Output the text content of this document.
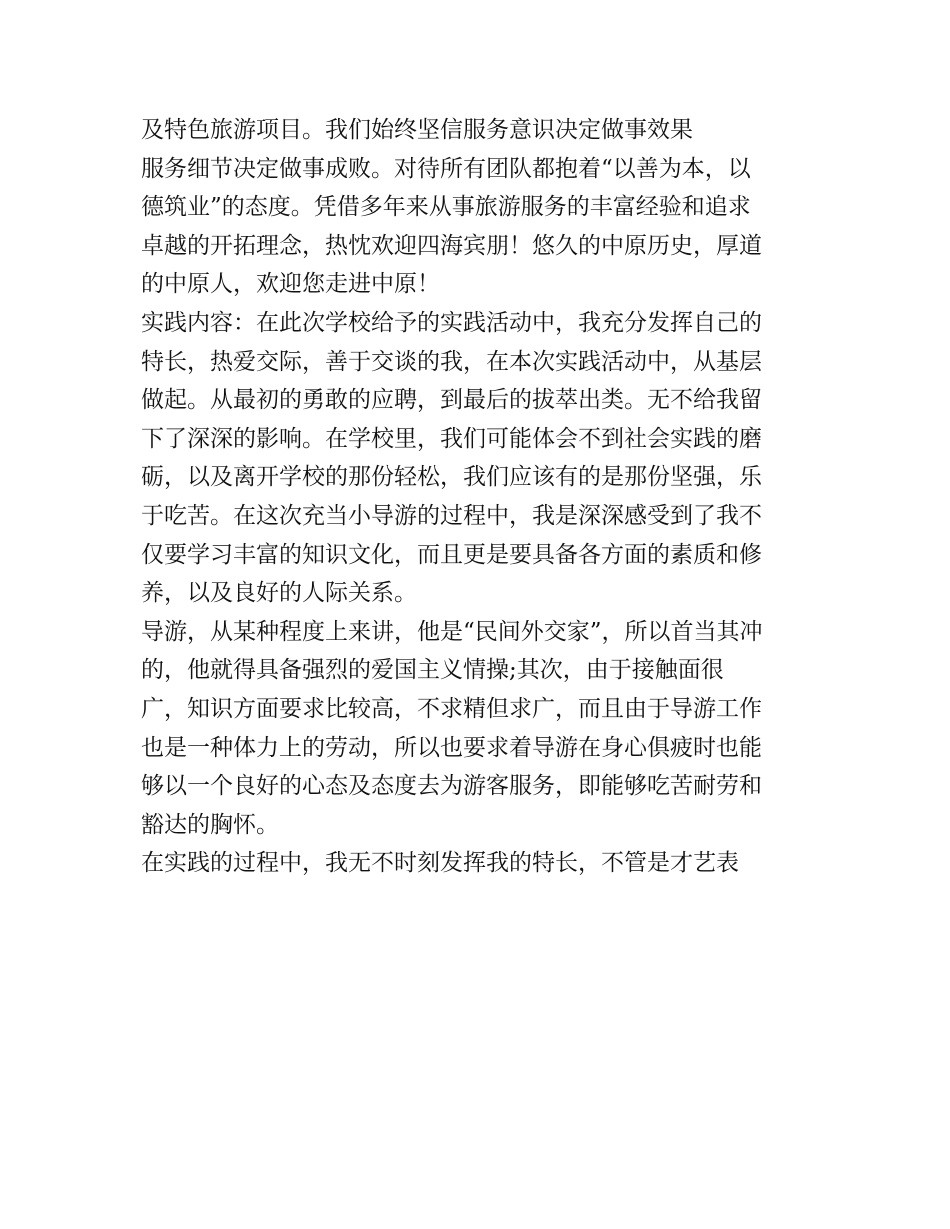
及特色旅游项目。我们始终坚信服务意识决定做事效果
服务细节决定做事成败。对待所有团队都抱着“以善为本，以
德筑业”的态度。凭借多年来从事旅游服务的丰富经验和追求
卓越的开拓理念，热忱欢迎四海宾朋！悠久的中原历史，厚道
的中原人，欢迎您走进中原！
实践内容：在此次学校给予的实践活动中，我充分发挥自己的
特长，热爱交际，善于交谈的我，在本次实践活动中，从基层
做起。从最初的勇敢的应聘，到最后的拔萃出类。无不给我留
下了深深的影响。在学校里，我们可能体会不到社会实践的磨
砺，以及离开学校的那份轻松，我们应该有的是那份坚强，乐
于吃苦。在这次充当小导游的过程中，我是深深感受到了我不
仅要学习丰富的知识文化，而且更是要具备各方面的素质和修
养，以及良好的人际关系。
导游，从某种程度上来讲，他是“民间外交家”，所以首当其冲
的，他就得具备强烈的爱国主义情操;其次，由于接触面很
广，知识方面要求比较高，不求精但求广，而且由于导游工作
也是一种体力上的劳动，所以也要求着导游在身心俱疲时也能
够以一个良好的心态及态度去为游客服务，即能够吃苦耐劳和
豁达的胸怀。
在实践的过程中，我无不时刻发挥我的特长，不管是才艺表
